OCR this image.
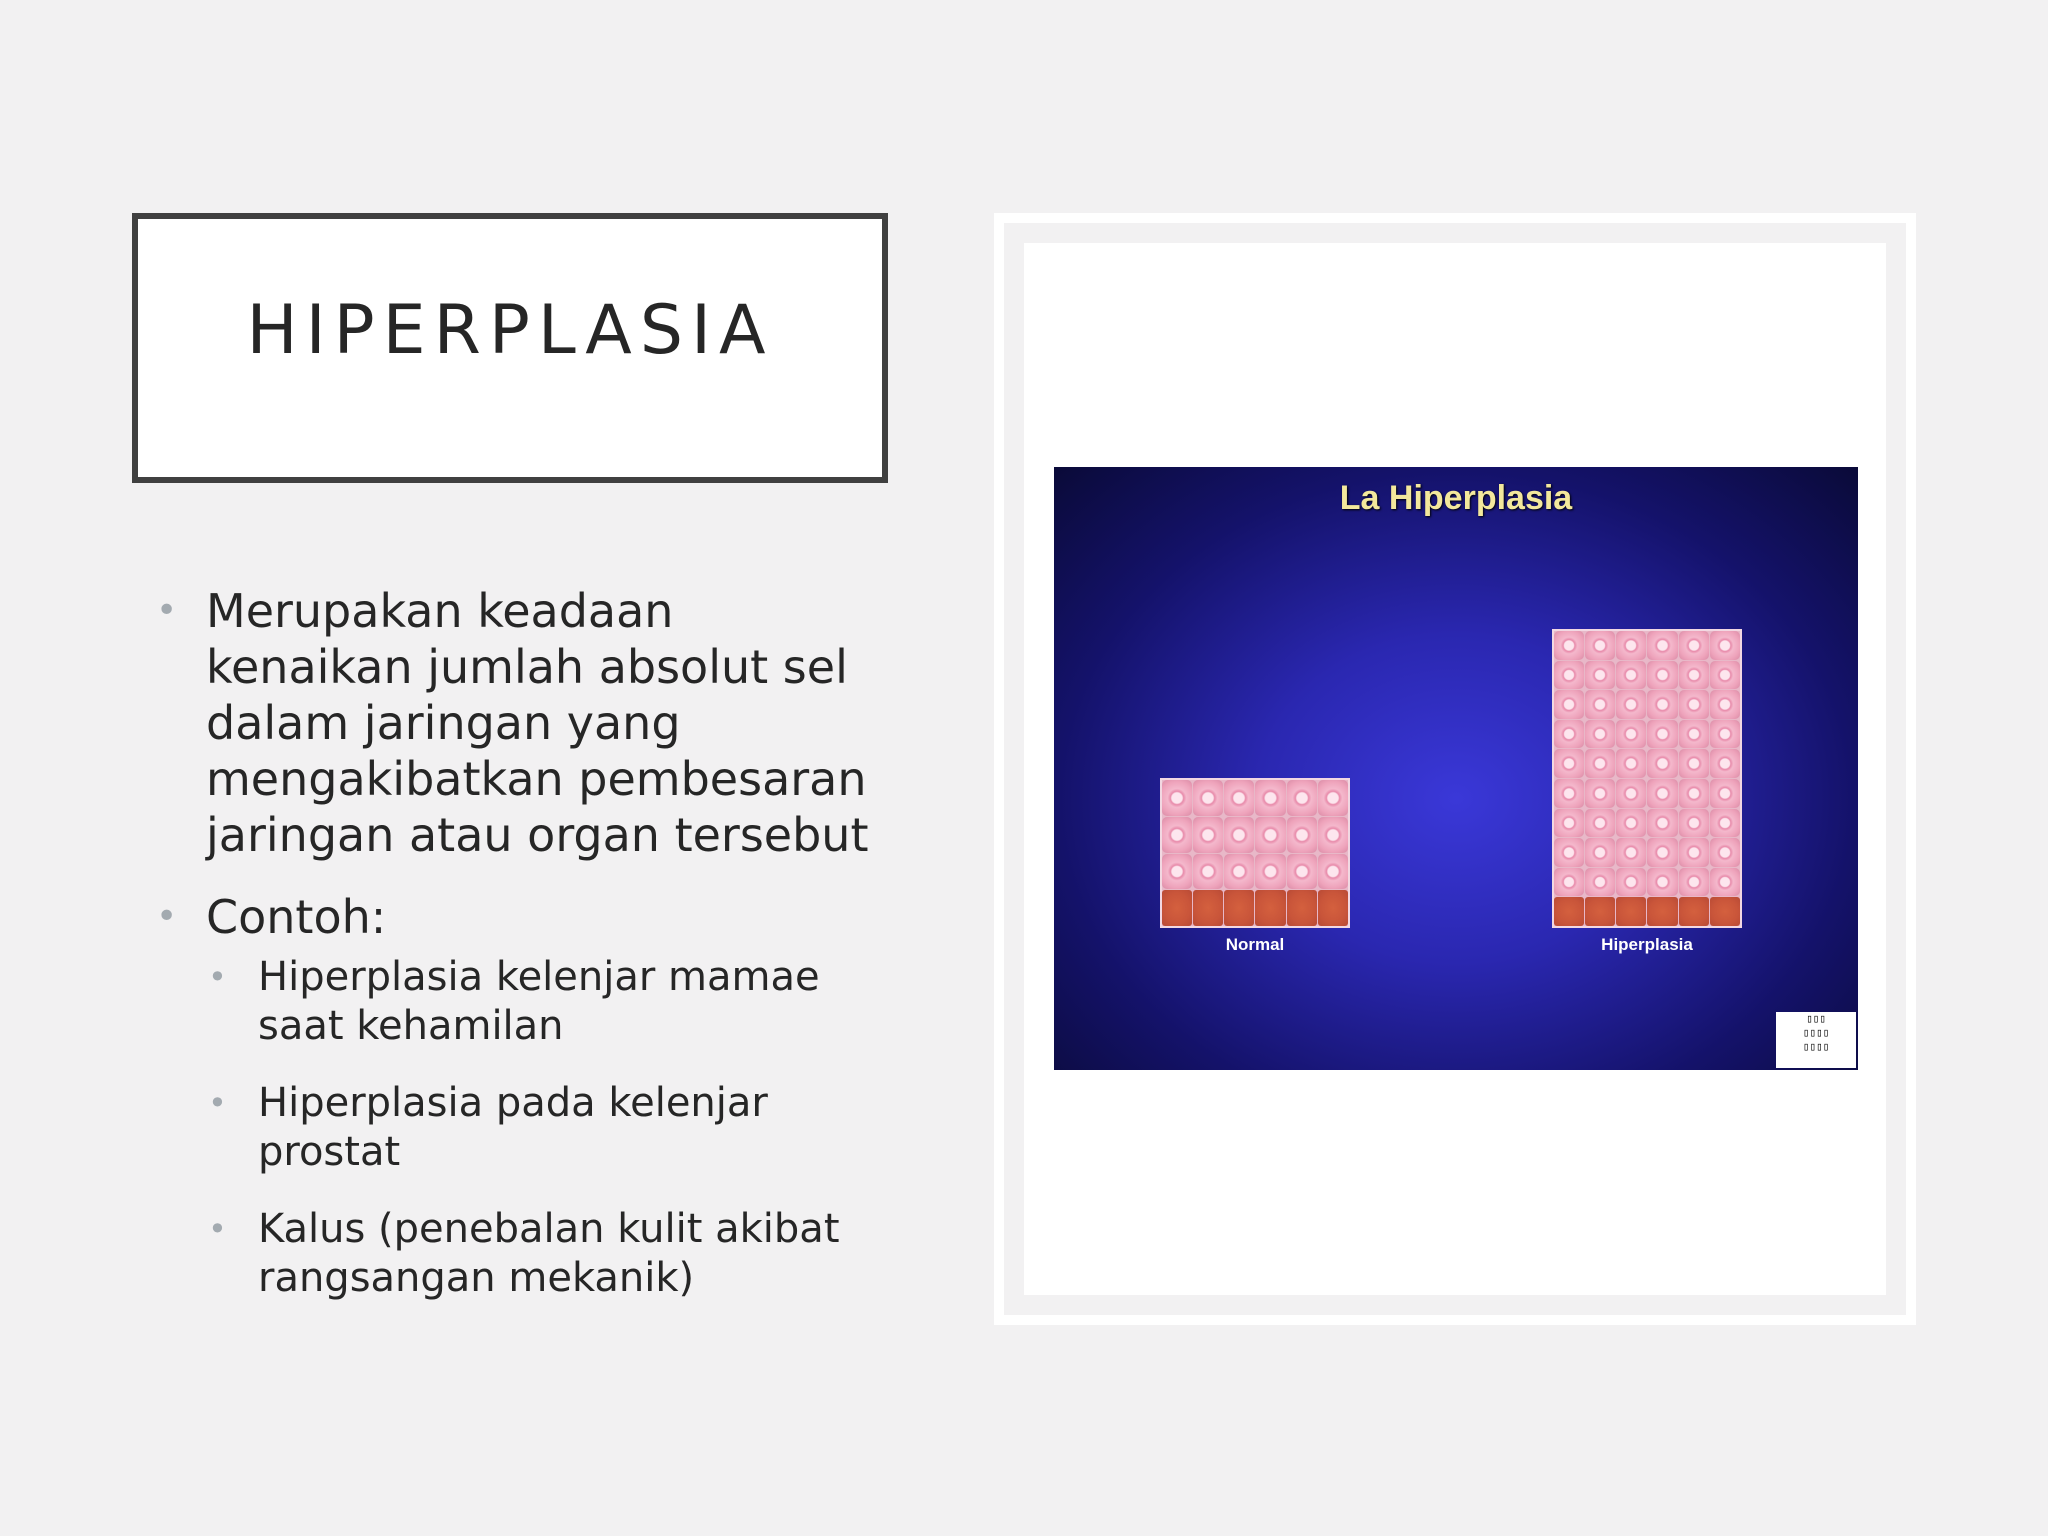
HIPERPLASIA
• Merupakan keadaan kenaikan jumlah absolut sel dalam jaringan yang mengakibatkan pembesaran jaringan atau organ tersebut
• Contoh:
• Hiperplasia kelenjar mamae saat kehamilan
• Hiperplasia pada kelenjar prostat
• Kalus (penebalan kulit akibat rangsangan mekanik)
La Hiperplasia
Normal	Hiperplasia
▯▯▯
▯▯▯▯
▯▯▯▯
